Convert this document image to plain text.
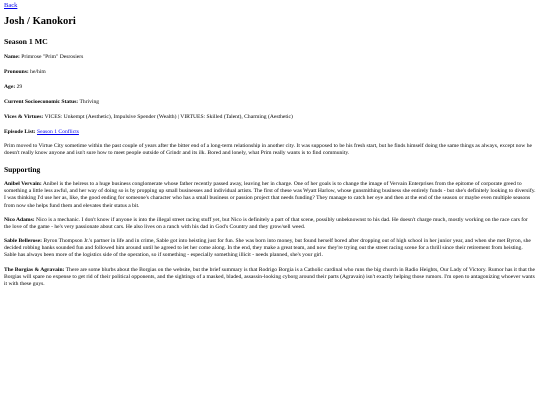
Back
Josh / Kanokori
Season 1 MC
Name: Primrose "Prim" Desrosiers
Pronouns: he/him
Age: 29
Current Socioeconomic Status: Thriving
Vices & Virtues: VICES: Unkempt (Aesthetic), Impulsive Spender (Wealth) | VIRTUES: Skilled (Talent), Charming (Aesthetic)
Episode List: Season 1 Conflicts

Prim moved to Virtue City sometime within the past couple of years after the bitter end of a long-term relationship in another city. It was supposed to be his fresh start, but he finds himself doing the same things as always, except now he doesn't really know anyone and isn't sure how to meet people outside of Grindr and its ilk. Bored and lonely, what Prim really wants is to find community.

Supporting
Anibel Vervain: Anibel is the heiress to a huge business conglomerate whose father recently passed away, leaving her in charge. One of her goals is to change the image of Vervain Enterprises from the epitome of corporate greed to something a little less awful, and her way of doing so is by propping up small businesses and individual artists. The first of these was Wyatt Harlow, whose gunsmithing business she entirely funds - but she's definitely looking to diversify. I was thinking I'd use her as, like, the good ending for someone's character who has a small business or passion project that needs funding? They manage to catch her eye and then at the end of the season or maybe even multiple seasons from now she helps fund them and elevates their status a bit.
Nico Adams: Nico is a mechanic. I don't know if anyone is into the illegal street racing stuff yet, but Nico is definitely a part of that scene, possibly unbeknownst to his dad. He doesn't charge much, mostly working on the race cars for the love of the game - he's very passionate about cars. He also lives on a ranch with his dad in God's Country and they grow/sell weed.
Sable Bellerose: Byron Thompson Jr.'s partner in life and in crime, Sable got into heisting just for fun. She was born into money, but found herself bored after dropping out of high school in her junior year, and when she met Byron, she decided robbing banks sounded fun and followed him around until he agreed to let her come along. In the end, they make a great team, and now they're trying out the street racing scene for a thrill since their retirement from heisting. Sable has always been more of the logistics side of the operation, so if something - especially something illicit - needs planned, she's your girl.
The Borgias & Agravain: There are some blurbs about the Borgias on the website, but the brief summary is that Rodrigo Borgia is a Catholic cardinal who runs the big church in Radio Heights, Our Lady of Victory. Rumor has it that the Borgias will spare no expense to get rid of their political opponents, and the sightings of a masked, bladed, assassin-looking cyborg around their parts (Agravain) isn't exactly helping those rumors. I'm open to antagonizing whoever wants it with these guys.
